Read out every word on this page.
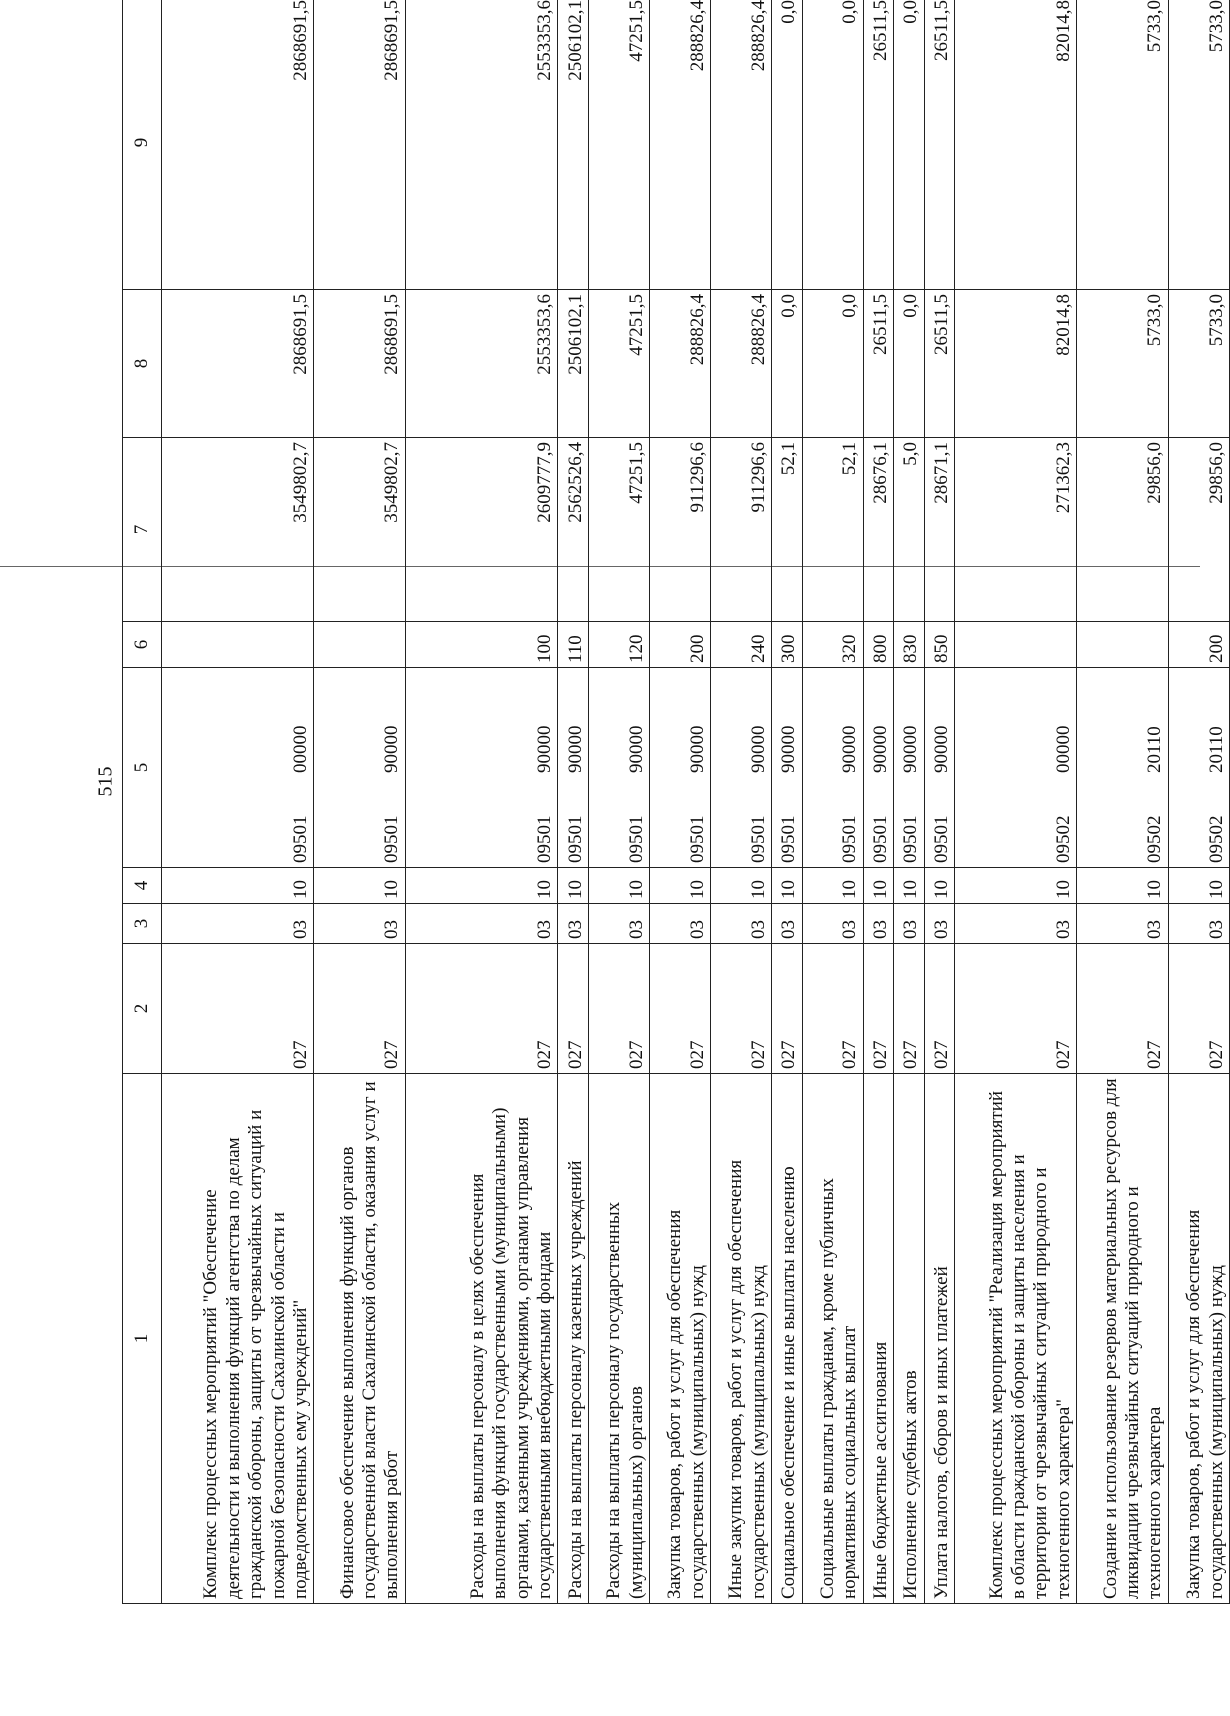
515
1	2	3	4	5	6	7	8	9
Комплекс процессных мероприятий "Обеспечение деятельности и выполнения функций агентства по делам гражданской обороны, защиты от чрезвычайных ситуаций и пожарной безопасности Сахалинской области и подведомственных ему учреждений"	027	03	10	0950100000		3549802,7	2868691,5	2868691,5
Финансовое обеспечение выполнения функций органов государственной власти Сахалинской области, оказания услуг и выполнения работ	027	03	10	0950190000		3549802,7	2868691,5	2868691,5
Расходы на выплаты персоналу в целях обеспечения выполнения функций государственными (муниципальными) органами, казенными учреждениями, органами управления государственными внебюджетными фондами	027	03	10	0950190000	100	2609777,9	2553353,6	2553353,6
Расходы на выплаты персоналу казенных учреждений	027	03	10	0950190000	110	2562526,4	2506102,1	2506102,1
Расходы на выплаты персоналу государственных (муниципальных) органов	027	03	10	0950190000	120	47251,5	47251,5	47251,5
Закупка товаров, работ и услуг для обеспечения государственных (муниципальных) нужд	027	03	10	0950190000	200	911296,6	288826,4	288826,4
Иные закупки товаров, работ и услуг для обеспечения государственных (муниципальных) нужд	027	03	10	0950190000	240	911296,6	288826,4	288826,4
Социальное обеспечение и иные выплаты населению	027	03	10	0950190000	300	52,1	0,0	0,0
Социальные выплаты гражданам, кроме публичных нормативных социальных выплат	027	03	10	0950190000	320	52,1	0,0	0,0
Иные бюджетные ассигнования	027	03	10	0950190000	800	28676,1	26511,5	26511,5
Исполнение судебных актов	027	03	10	0950190000	830	5,0	0,0	0,0
Уплата налогов, сборов и иных платежей	027	03	10	0950190000	850	28671,1	26511,5	26511,5
Комплекс процессных мероприятий "Реализация мероприятий в области гражданской обороны и защиты населения и территории от чрезвычайных ситуаций природного и техногенного характера"	027	03	10	0950200000		271362,3	82014,8	82014,8
Создание и использование резервов материальных ресурсов для ликвидации чрезвычайных ситуаций природного и техногенного характера	027	03	10	0950220110		29856,0	5733,0	5733,0
Закупка товаров, работ и услуг для обеспечения государственных (муниципальных) нужд	027	03	10	0950220110	200	29856,0	5733,0	5733,0
